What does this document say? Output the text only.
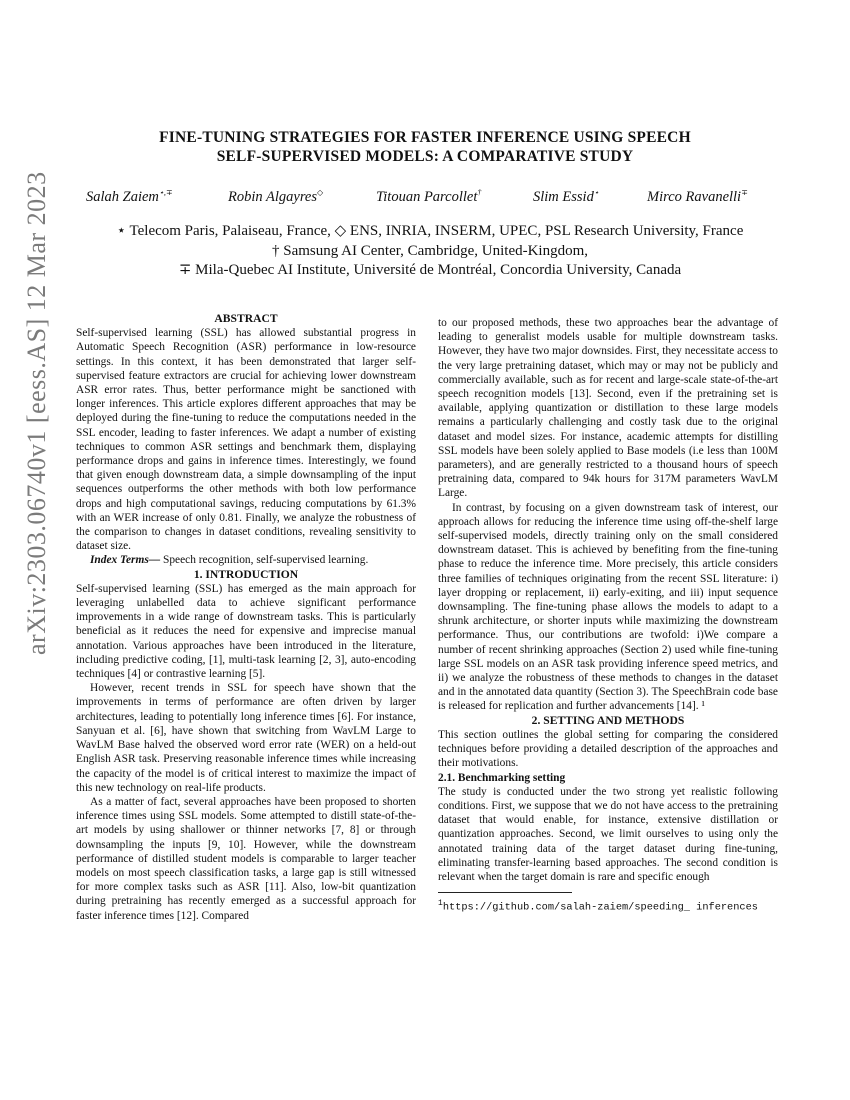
arXiv:2303.06740v1 [eess.AS] 12 Mar 2023
FINE-TUNING STRATEGIES FOR FASTER INFERENCE USING SPEECH
SELF-SUPERVISED MODELS: A COMPARATIVE STUDY
Salah Zaiem⋆,∓	Robin Algayres◇	Titouan Parcollet†	Slim Essid⋆	Mirco Ravanelli∓
⋆ Telecom Paris, Palaiseau, France, ◇ ENS, INRIA, INSERM, UPEC, PSL Research University, France
† Samsung AI Center, Cambridge, United-Kingdom,
∓ Mila-Quebec AI Institute, Université de Montréal, Concordia University, Canada
ABSTRACT

Self-supervised learning (SSL) has allowed substantial progress in Automatic Speech Recognition (ASR) performance in low-resource settings. In this context, it has been demonstrated that larger self-supervised feature extractors are crucial for achieving lower downstream ASR error rates. Thus, better performance might be sanctioned with longer inferences. This article explores different approaches that may be deployed during the fine-tuning to reduce the computations needed in the SSL encoder, leading to faster inferences. We adapt a number of existing techniques to common ASR settings and benchmark them, displaying performance drops and gains in inference times. Interestingly, we found that given enough downstream data, a simple downsampling of the input sequences outperforms the other methods with both low performance drops and high computational savings, reducing computations by 61.3% with an WER increase of only 0.81. Finally, we analyze the robustness of the comparison to changes in dataset conditions, revealing sensitivity to dataset size.

Index Terms— Speech recognition, self-supervised learning.

1. INTRODUCTION

Self-supervised learning (SSL) has emerged as the main approach for leveraging unlabelled data to achieve significant performance improvements in a wide range of downstream tasks. This is particularly beneficial as it reduces the need for expensive and imprecise manual annotation. Various approaches have been introduced in the literature, including predictive coding, [1], multi-task learning [2, 3], auto-encoding techniques [4] or contrastive learning [5].

However, recent trends in SSL for speech have shown that the improvements in terms of performance are often driven by larger architectures, leading to potentially long inference times [6]. For instance, Sanyuan et al. [6], have shown that switching from WavLM Large to WavLM Base halved the observed word error rate (WER) on a held-out English ASR task. Preserving reasonable inference times while increasing the capacity of the model is of critical interest to maximize the impact of this new technology on real-life products.

As a matter of fact, several approaches have been proposed to shorten inference times using SSL models. Some attempted to distill state-of-the-art models by using shallower or thinner networks [7, 8] or through downsampling the inputs [9, 10]. However, while the downstream performance of distilled student models is comparable to larger teacher models on most speech classification tasks, a large gap is still witnessed for more complex tasks such as ASR [11]. Also, low-bit quantization during pretraining has recently emerged as a successful approach for faster inference times [12]. Compared

to our proposed methods, these two approaches bear the advantage of leading to generalist models usable for multiple downstream tasks. However, they have two major downsides. First, they necessitate access to the very large pretraining dataset, which may or may not be publicly and commercially available, such as for recent and large-scale state-of-the-art speech recognition models [13]. Second, even if the pretraining set is available, applying quantization or distillation to these large models remains a particularly challenging and costly task due to the original dataset and model sizes. For instance, academic attempts for distilling SSL models have been solely applied to Base models (i.e less than 100M parameters), and are generally restricted to a thousand hours of speech pretraining data, compared to 94k hours for 317M parameters WavLM Large.

In contrast, by focusing on a given downstream task of interest, our approach allows for reducing the inference time using off-the-shelf large self-supervised models, directly training only on the small considered downstream dataset. This is achieved by benefiting from the fine-tuning phase to reduce the inference time. More precisely, this article considers three families of techniques originating from the recent SSL literature: i) layer dropping or replacement, ii) early-exiting, and iii) input sequence downsampling. The fine-tuning phase allows the models to adapt to a shrunk architecture, or shorter inputs while maximizing the downstream performance. Thus, our contributions are twofold: i)We compare a number of recent shrinking approaches (Section 2) used while fine-tuning large SSL models on an ASR task providing inference speed metrics, and ii) we analyze the robustness of these methods to changes in the dataset and in the annotated data quantity (Section 3). The SpeechBrain code base is released for replication and further advancements [14]. ¹

2. SETTING AND METHODS

This section outlines the global setting for comparing the considered techniques before providing a detailed description of the approaches and their motivations.

2.1. Benchmarking setting

The study is conducted under the two strong yet realistic following conditions. First, we suppose that we do not have access to the pretraining dataset that would enable, for instance, extensive distillation or quantization approaches. Second, we limit ourselves to using only the annotated training data of the target dataset during fine-tuning, eliminating transfer-learning based approaches. The second condition is relevant when the target domain is rare and specific enough

$^1$https://github.com/salah-zaiem/speeding_ inferences
